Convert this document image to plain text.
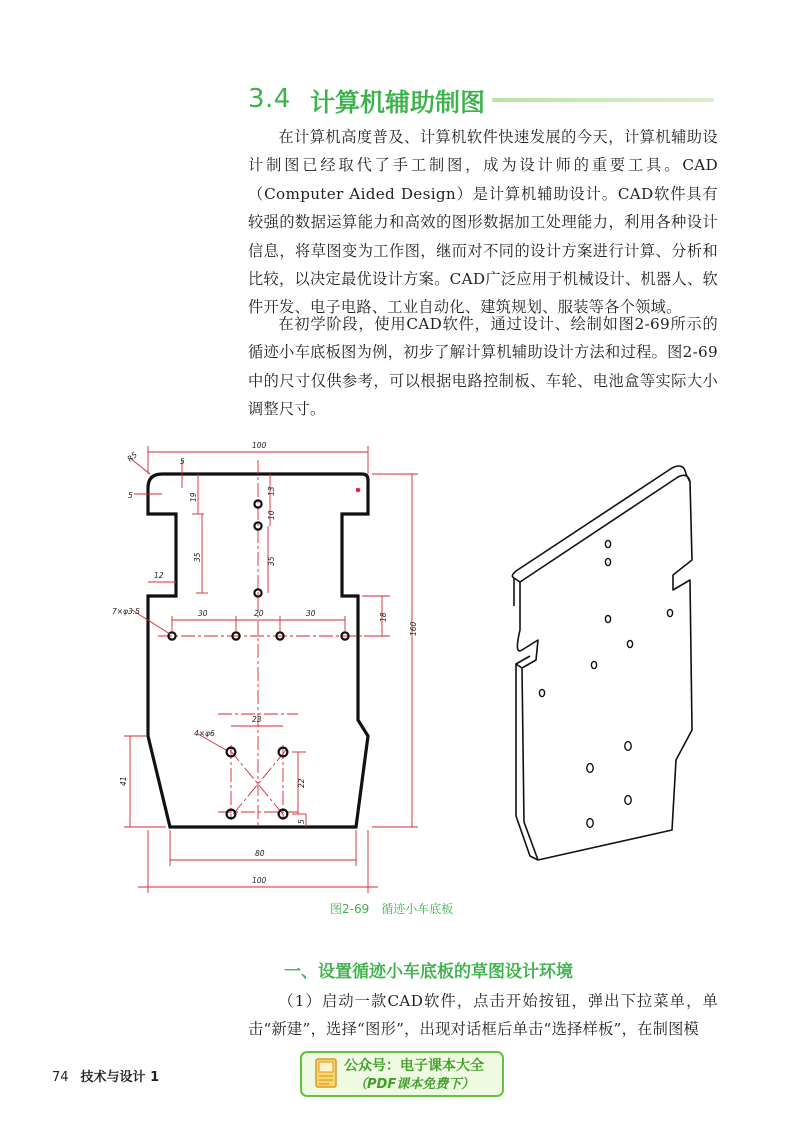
3.4 计算机辅助制图

在计算机高度普及、计算机软件快速发展的今天，计算机辅助设计制图已经取代了手工制图，成为设计师的重要工具。CAD（Computer Aided Design）是计算机辅助设计。CAD软件具有较强的数据运算能力和高效的图形数据加工处理能力，利用各种设计信息，将草图变为工作图，继而对不同的设计方案进行计算、分析和比较，以决定最优设计方案。CAD广泛应用于机械设计、机器人、软件开发、电子电路、工业自动化、建筑规划、服装等各个领域。

在初学阶段，使用CAD软件，通过设计、绘制如图2-69所示的循迹小车底板图为例，初步了解计算机辅助设计方法和过程。图2-69中的尺寸仅供参考，可以根据电路控制板、车轮、电池盒等实际大小调整尺寸。

100
100
80
160
5
5
R5
19
10
13
35	35
12
18
30	20	30
7×φ3.5
4×φ6
23
22
5
41
图2-69 循迹小车底板
一、设置循迹小车底板的草图设计环境

（1）启动一款CAD软件，点击开始按钮，弹出下拉菜单，单击“新建”，选择“图形”，出现对话框后单击“选择样板”，在制图模

74 技术与设计 1
公众号：电子课本大全
（PDF课本免费下）
